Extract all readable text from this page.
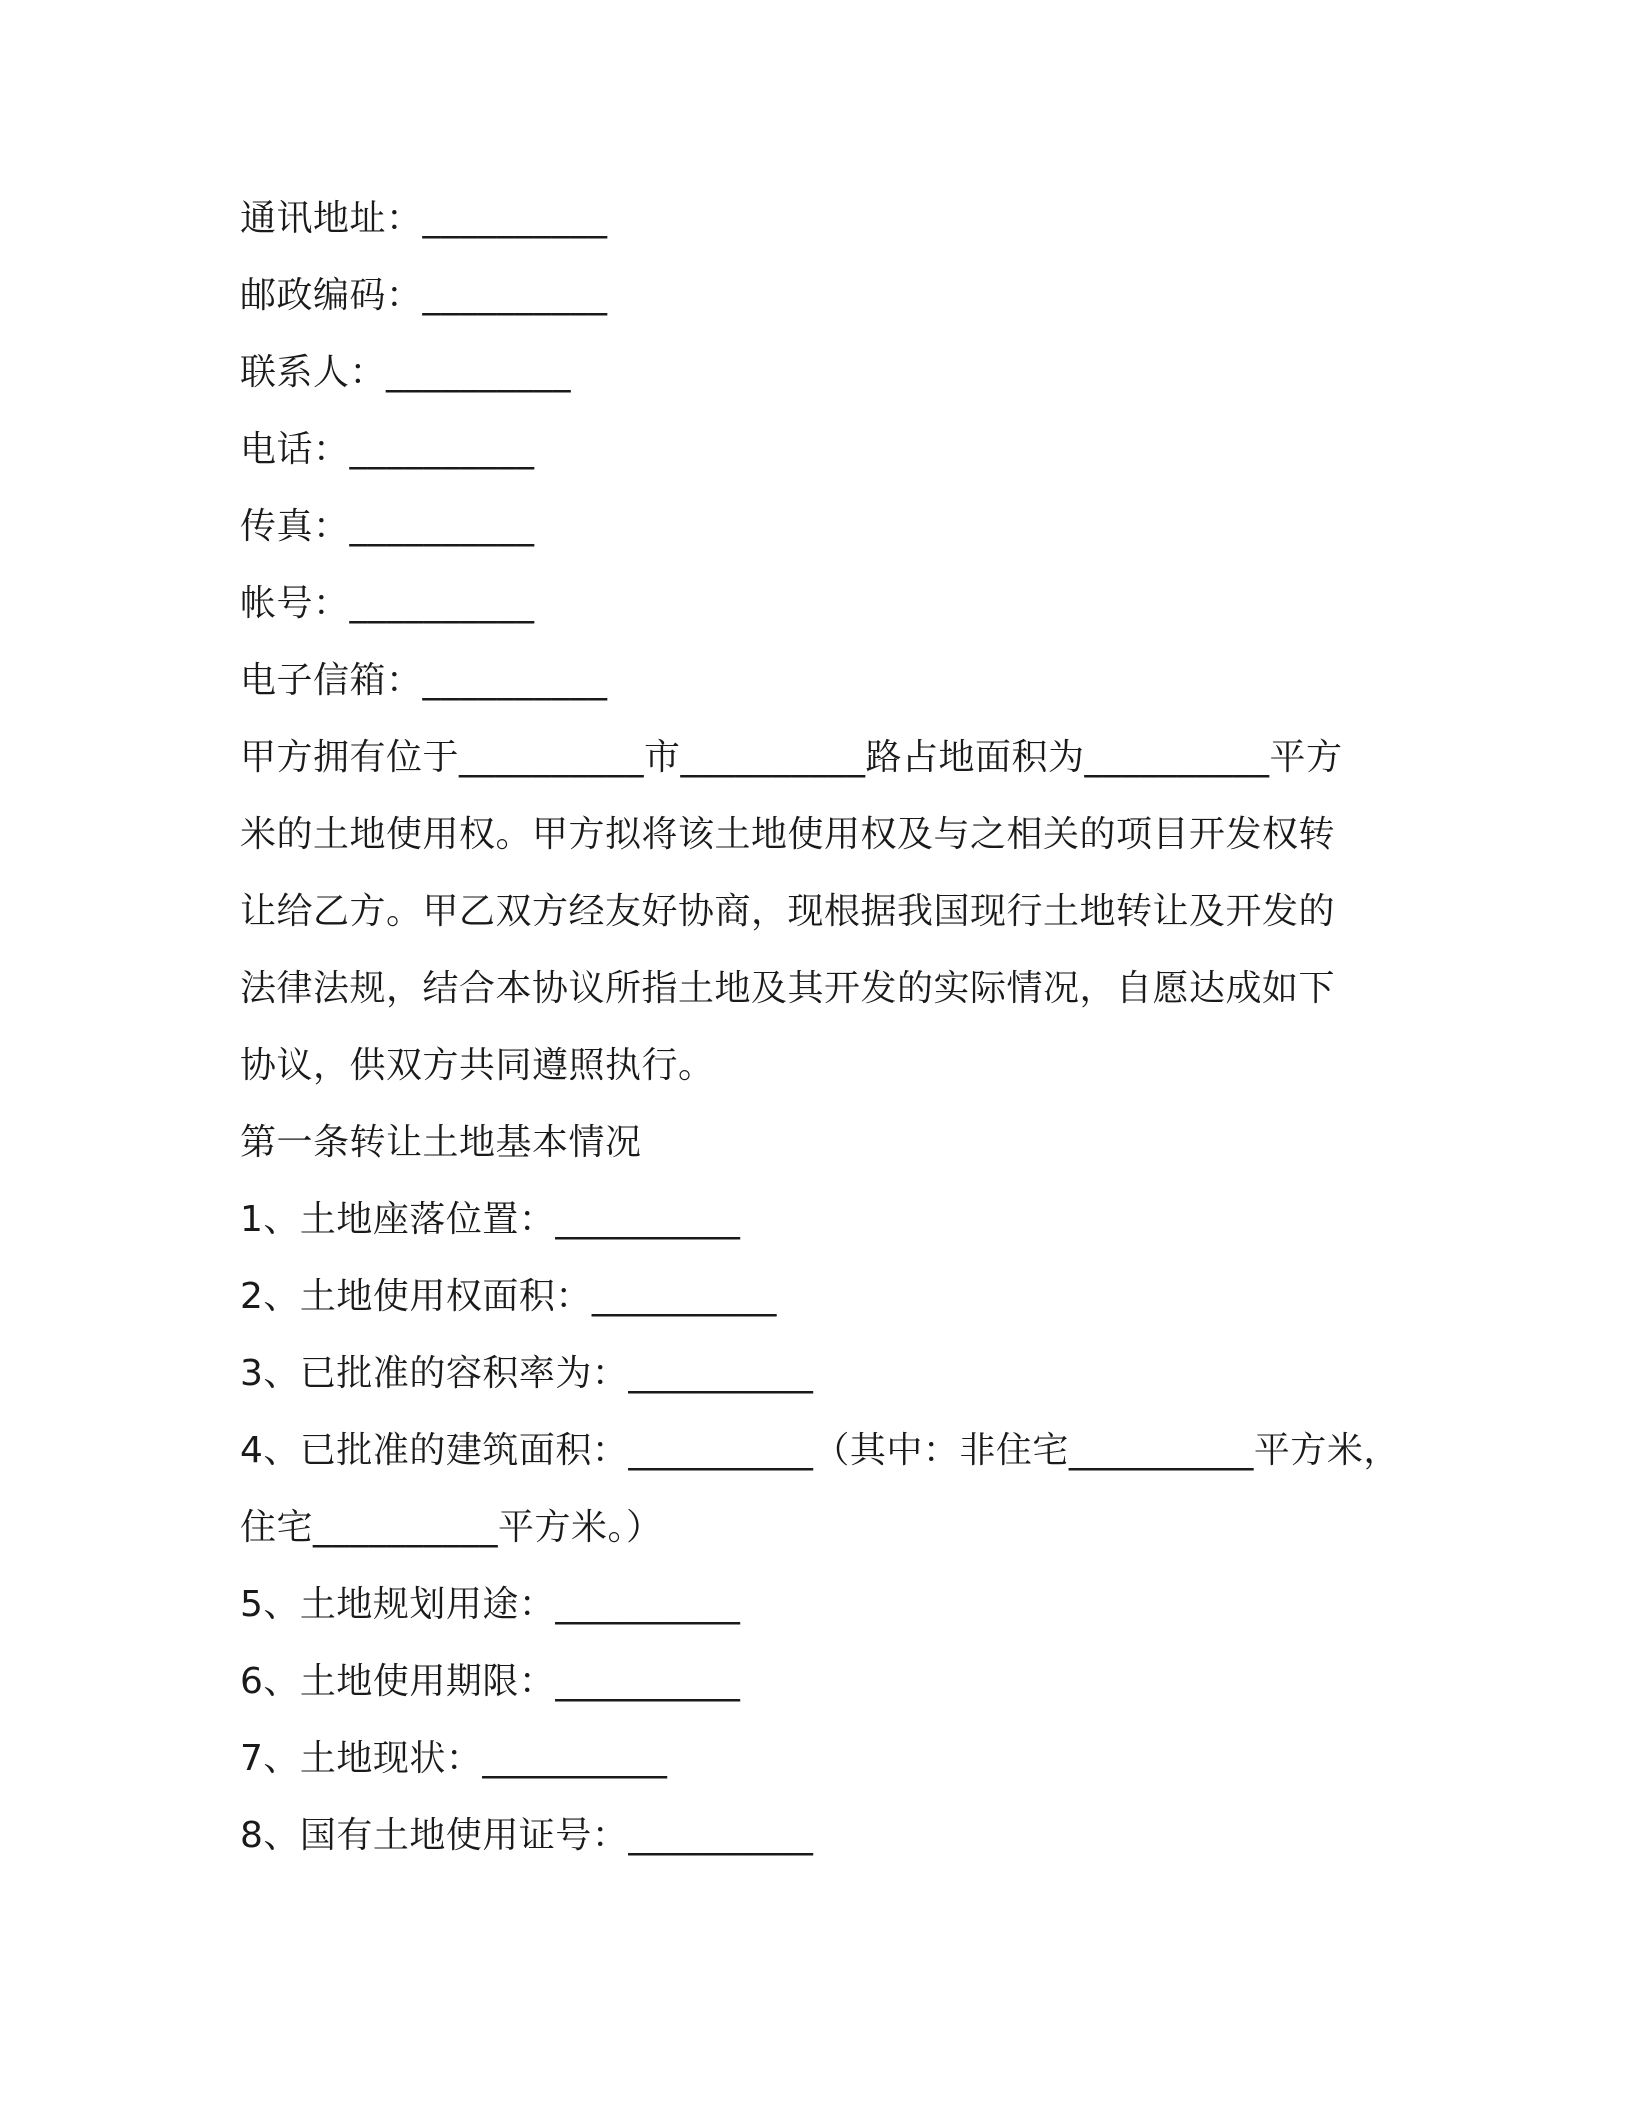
通讯地址：__________
邮政编码：__________
联系人：__________
电话：__________
传真：__________
帐号：__________
电子信箱：__________
甲方拥有位于__________市__________路占地面积为__________平方
米的土地使用权。甲方拟将该土地使用权及与之相关的项目开发权转
让给乙方。甲乙双方经友好协商，现根据我国现行土地转让及开发的
法律法规，结合本协议所指土地及其开发的实际情况，自愿达成如下
协议，供双方共同遵照执行。
第一条转让土地基本情况
1、土地座落位置：__________
2、土地使用权面积：__________
3、已批准的容积率为：__________
4、已批准的建筑面积：__________（其中：非住宅__________平方米，
住宅__________平方米。）
5、土地规划用途：__________
6、土地使用期限：__________
7、土地现状：__________
8、国有土地使用证号：__________
